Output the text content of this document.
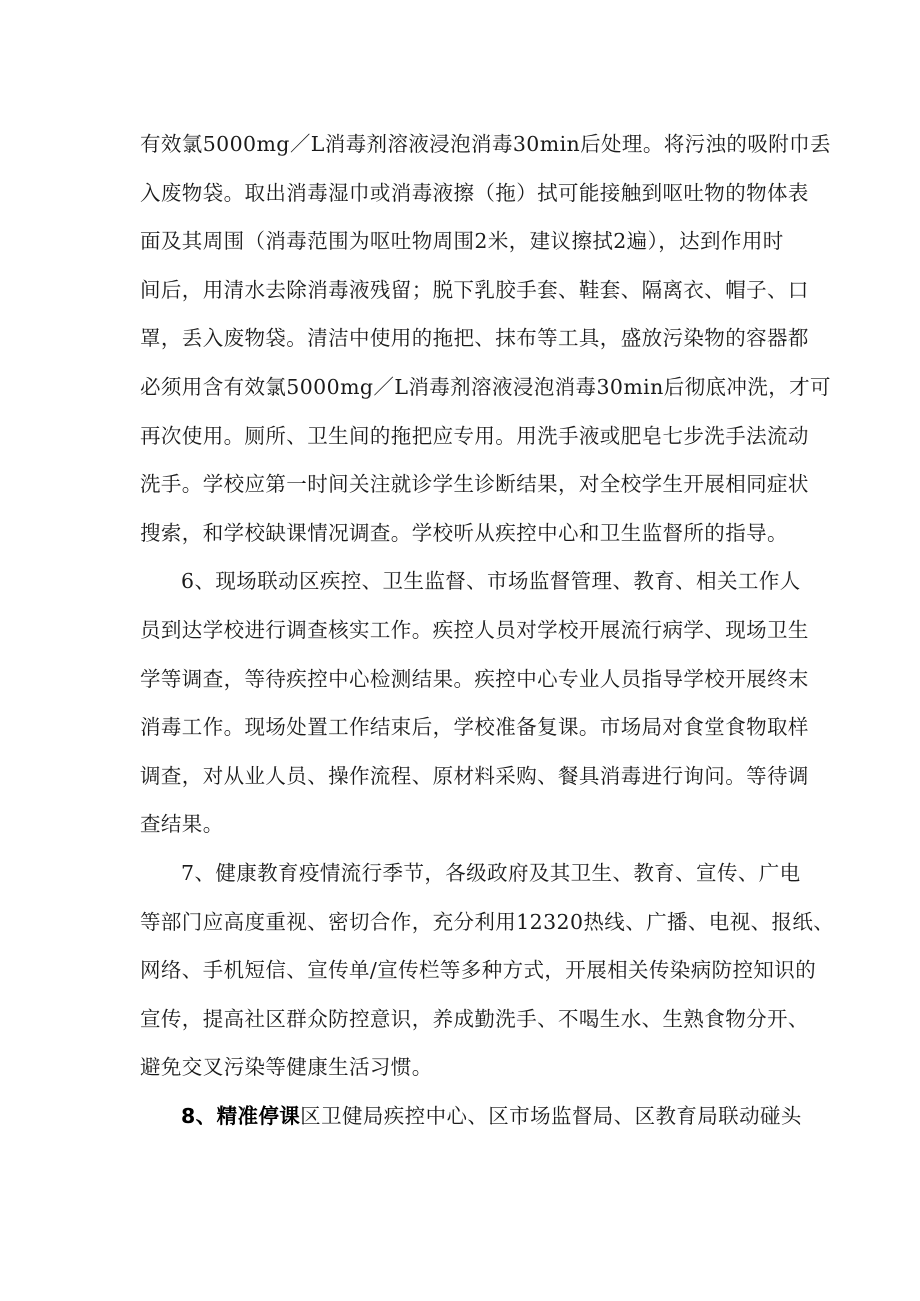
有效氯5000mg／L消毒剂溶液浸泡消毒30min后处理。将污浊的吸附巾丢
入废物袋。取出消毒湿巾或消毒液擦（拖）拭可能接触到呕吐物的物体表
面及其周围（消毒范围为呕吐物周围2米，建议擦拭2遍），达到作用时
间后，用清水去除消毒液残留；脱下乳胶手套、鞋套、隔离衣、帽子、口
罩，丢入废物袋。清洁中使用的拖把、抹布等工具，盛放污染物的容器都
必须用含有效氯5000mg／L消毒剂溶液浸泡消毒30min后彻底冲洗，才可
再次使用。厕所、卫生间的拖把应专用。用洗手液或肥皂七步洗手法流动
洗手。学校应第一时间关注就诊学生诊断结果，对全校学生开展相同症状
搜索，和学校缺课情况调查。学校听从疾控中心和卫生监督所的指导。
6、现场联动区疾控、卫生监督、市场监督管理、教育、相关工作人
员到达学校进行调查核实工作。疾控人员对学校开展流行病学、现场卫生
学等调查，等待疾控中心检测结果。疾控中心专业人员指导学校开展终末
消毒工作。现场处置工作结束后，学校准备复课。市场局对食堂食物取样
调查，对从业人员、操作流程、原材料采购、餐具消毒进行询问。等待调
查结果。
7、健康教育疫情流行季节，各级政府及其卫生、教育、宣传、广电
等部门应高度重视、密切合作，充分利用12320热线、广播、电视、报纸、
网络、手机短信、宣传单/宣传栏等多种方式，开展相关传染病防控知识的
宣传，提高社区群众防控意识，养成勤洗手、不喝生水、生熟食物分开、
避免交叉污染等健康生活习惯。
8、精准停课区卫健局疾控中心、区市场监督局、区教育局联动碰头
